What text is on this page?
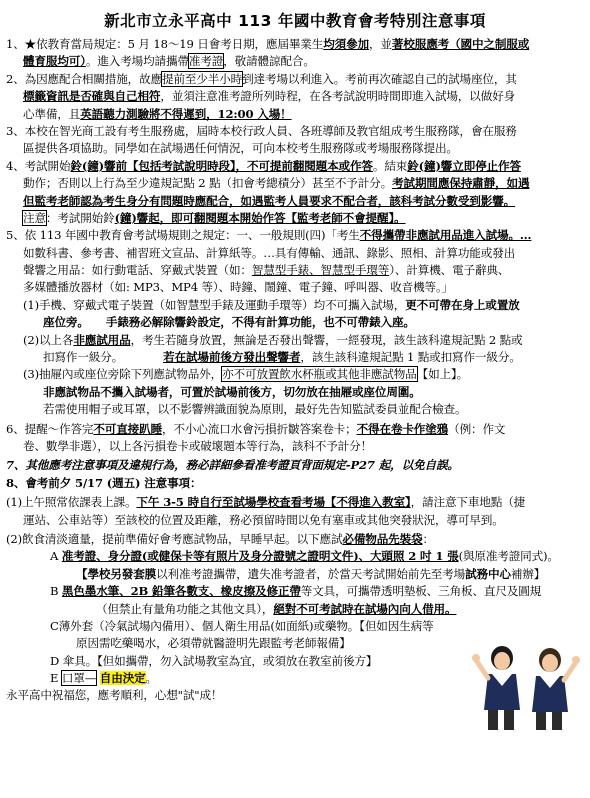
新北市立永平高中 113 年國中教育會考特別注意事項
1、★依教育當局規定：5 月 18～19 日會考日期，應屆畢業生均須參加，並著校服應考（國中之制服或
體育服均可）。進入考場均請攜帶准考證，敬請體諒配合。
2、為因應配合相關措施，故應提前至少半小時到達考場以利進入。考前再次確認自己的試場座位，其
標籤資訊是否確與自己相符，並須注意准考證所列時程，在各考試說明時間即進入試場，以做好身
心準備，且英語聽力測驗將不得遲到，12:00 入場！
3、本校在智光商工設有考生服務處，屆時本校行政人員、各班導師及教官組成考生服務隊，會在服務
區提供各項協助。同學如在試場遇任何情況，可向本校考生服務隊或考場服務隊提出。
4、考試開始鈴(鐘)響前【包括考試說明時段】，不可提前翻閱題本或作答。結束鈴(鐘)響立即停止作答
動作；否則以上行為至少違規記點 2 點（扣會考總積分）甚至不予計分。考試期間應保持肅靜，如遇
但監考老師認為考生身分有問題時應配合，如遇監考人員要求不配合者，該科考試分數受到影響。
注意：考試開始鈴(鐘)響起，即可翻閱題本開始作答【監考老師不會提醒】。
5、依 113 年國中教育會考試場規則之規定：一、一般規則(四)「考生不得攜帶非應試用品進入試場。…
如數科書、參考書、補習班文宣品、計算紙等。…具有傳輸、通訊、錄影、照相、計算功能或發出
聲響之用品：如行動電話、穿戴式裝置（如：智慧型手錶、智慧型手環等）、計算機、電子辭典、
多媒體播放器材（如: MP3、MP4 等）、時鐘、鬧鐘、電子鐘、呼叫器、收音機等。」
(1)手機、穿戴式電子裝置（如智慧型手錶及運動手環等）均不可攜入試場，更不可帶在身上或置放
座位旁。　　手錶務必解除響鈴設定，不得有計算功能，也不可帶錶入座。
(2)以上各非應試用品，考生若隨身放置，無論是否發出聲響，一經發現，該生該科違規記點 2 點或
扣寫作一級分。　　　　若在試場前後方發出聲響者，該生該科違規記點 1 點或扣寫作一級分。
(3)抽屜內或座位旁除下列應試物品外，亦不可放置飲水杯瓶或其他非應試物品【如上】。
非應試物品不攜入試場者，可置於試場前後方，切勿放在抽屜或座位周圍。
若需使用帽子或耳罩，以不影響辨識面貌為原則，最好先告知監試委員並配合檢查。
6、提醒～作答完不可直接趴睡，不小心流口水會污損折皺答案卷卡；不得在卷卡作塗鴉（例：作文
卷、數學非選），以上各污損卷卡或破壞題本等行為，該科不予計分！
7、其他應考注意事項及違規行為，務必詳細參看准考證頁背面規定-P27 起，以免自誤。
8、會考前夕 5/17 (週五) 注意事項：
(1)上午照常依課表上課。下午 3-5 時自行至試場學校查看考場【不得進入教室】，請注意下車地點（捷
運站、公車站等）至該校的位置及距離，務必預留時間以免有塞車或其他突發狀況，導可早到。
(2)飲食清淡適量，提前準備好會考應試物品，早睡早起。以下應試必備物品先裝袋：
A 准考證、身分證(或健保卡等有照片及身分證號之證明文件)、大頭照 2 吋 1 張(與原准考證同式)。
【學校另發套膜以利准考證攜帶，遺失准考證者，於當天考試開始前先至考場試務中心補辦】
B 黑色墨水筆、2B 鉛筆各數支、橡皮擦及修正帶等文具，可攜帶透明墊板、三角板、直尺及圓規
（但禁止有量角功能之其他文具），絕對不可考試時在試場內向人借用。
C薄外套（冷氣試場內備用）、個人衛生用品(如面紙)或藥物。【但如因生病等
原因需吃藥喝水，必須帶就醫證明先跟監考老師報備】
D 傘具。【但如攜帶，勿入試場教室為宜，或須放在教室前後方】
E 口罩— 自由決定。
永平高中祝福您，應考順利，心想"試"成！
